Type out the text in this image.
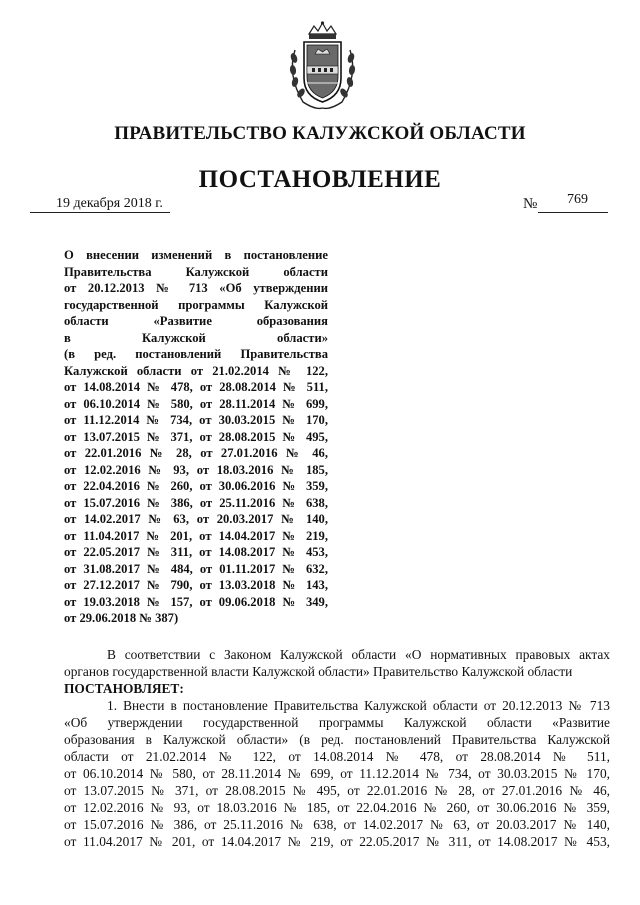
ПРАВИТЕЛЬСТВО КАЛУЖСКОЙ ОБЛАСТИ
ПОСТАНОВЛЕНИЕ
19 декабря 2018 г.	№ 769
О внесении изменений в постановление
Правительства Калужской области
от 20.12.2013 № 713 «Об утверждении
государственной программы Калужской
области «Развитие образования
в Калужской области»
(в ред. постановлений Правительства
Калужской области от 21.02.2014 № 122,
от 14.08.2014 № 478, от 28.08.2014 № 511,
от 06.10.2014 № 580, от 28.11.2014 № 699,
от 11.12.2014 № 734, от 30.03.2015 № 170,
от 13.07.2015 № 371, от 28.08.2015 № 495,
от 22.01.2016 № 28, от 27.01.2016 № 46,
от 12.02.2016 № 93, от 18.03.2016 № 185,
от 22.04.2016 № 260, от 30.06.2016 № 359,
от 15.07.2016 № 386, от 25.11.2016 № 638,
от 14.02.2017 № 63, от 20.03.2017 № 140,
от 11.04.2017 № 201, от 14.04.2017 № 219,
от 22.05.2017 № 311, от 14.08.2017 № 453,
от 31.08.2017 № 484, от 01.11.2017 № 632,
от 27.12.2017 № 790, от 13.03.2018 № 143,
от 19.03.2018 № 157, от 09.06.2018 № 349,
от 29.06.2018 № 387)
В соответствии с Законом Калужской области «О нормативных правовых актах
органов государственной власти Калужской области» Правительство Калужской области
ПОСТАНОВЛЯЕТ:
1. Внести в постановление Правительства Калужской области от 20.12.2013 № 713
«Об утверждении государственной программы Калужской области «Развитие
образования в Калужской области» (в ред. постановлений Правительства Калужской
области от 21.02.2014 № 122, от 14.08.2014 № 478, от 28.08.2014 № 511,
от 06.10.2014 № 580, от 28.11.2014 № 699, от 11.12.2014 № 734, от 30.03.2015 № 170,
от 13.07.2015 № 371, от 28.08.2015 № 495, от 22.01.2016 № 28, от 27.01.2016 № 46,
от 12.02.2016 № 93, от 18.03.2016 № 185, от 22.04.2016 № 260, от 30.06.2016 № 359,
от 15.07.2016 № 386, от 25.11.2016 № 638, от 14.02.2017 № 63, от 20.03.2017 № 140,
от 11.04.2017 № 201, от 14.04.2017 № 219, от 22.05.2017 № 311, от 14.08.2017 № 453,
